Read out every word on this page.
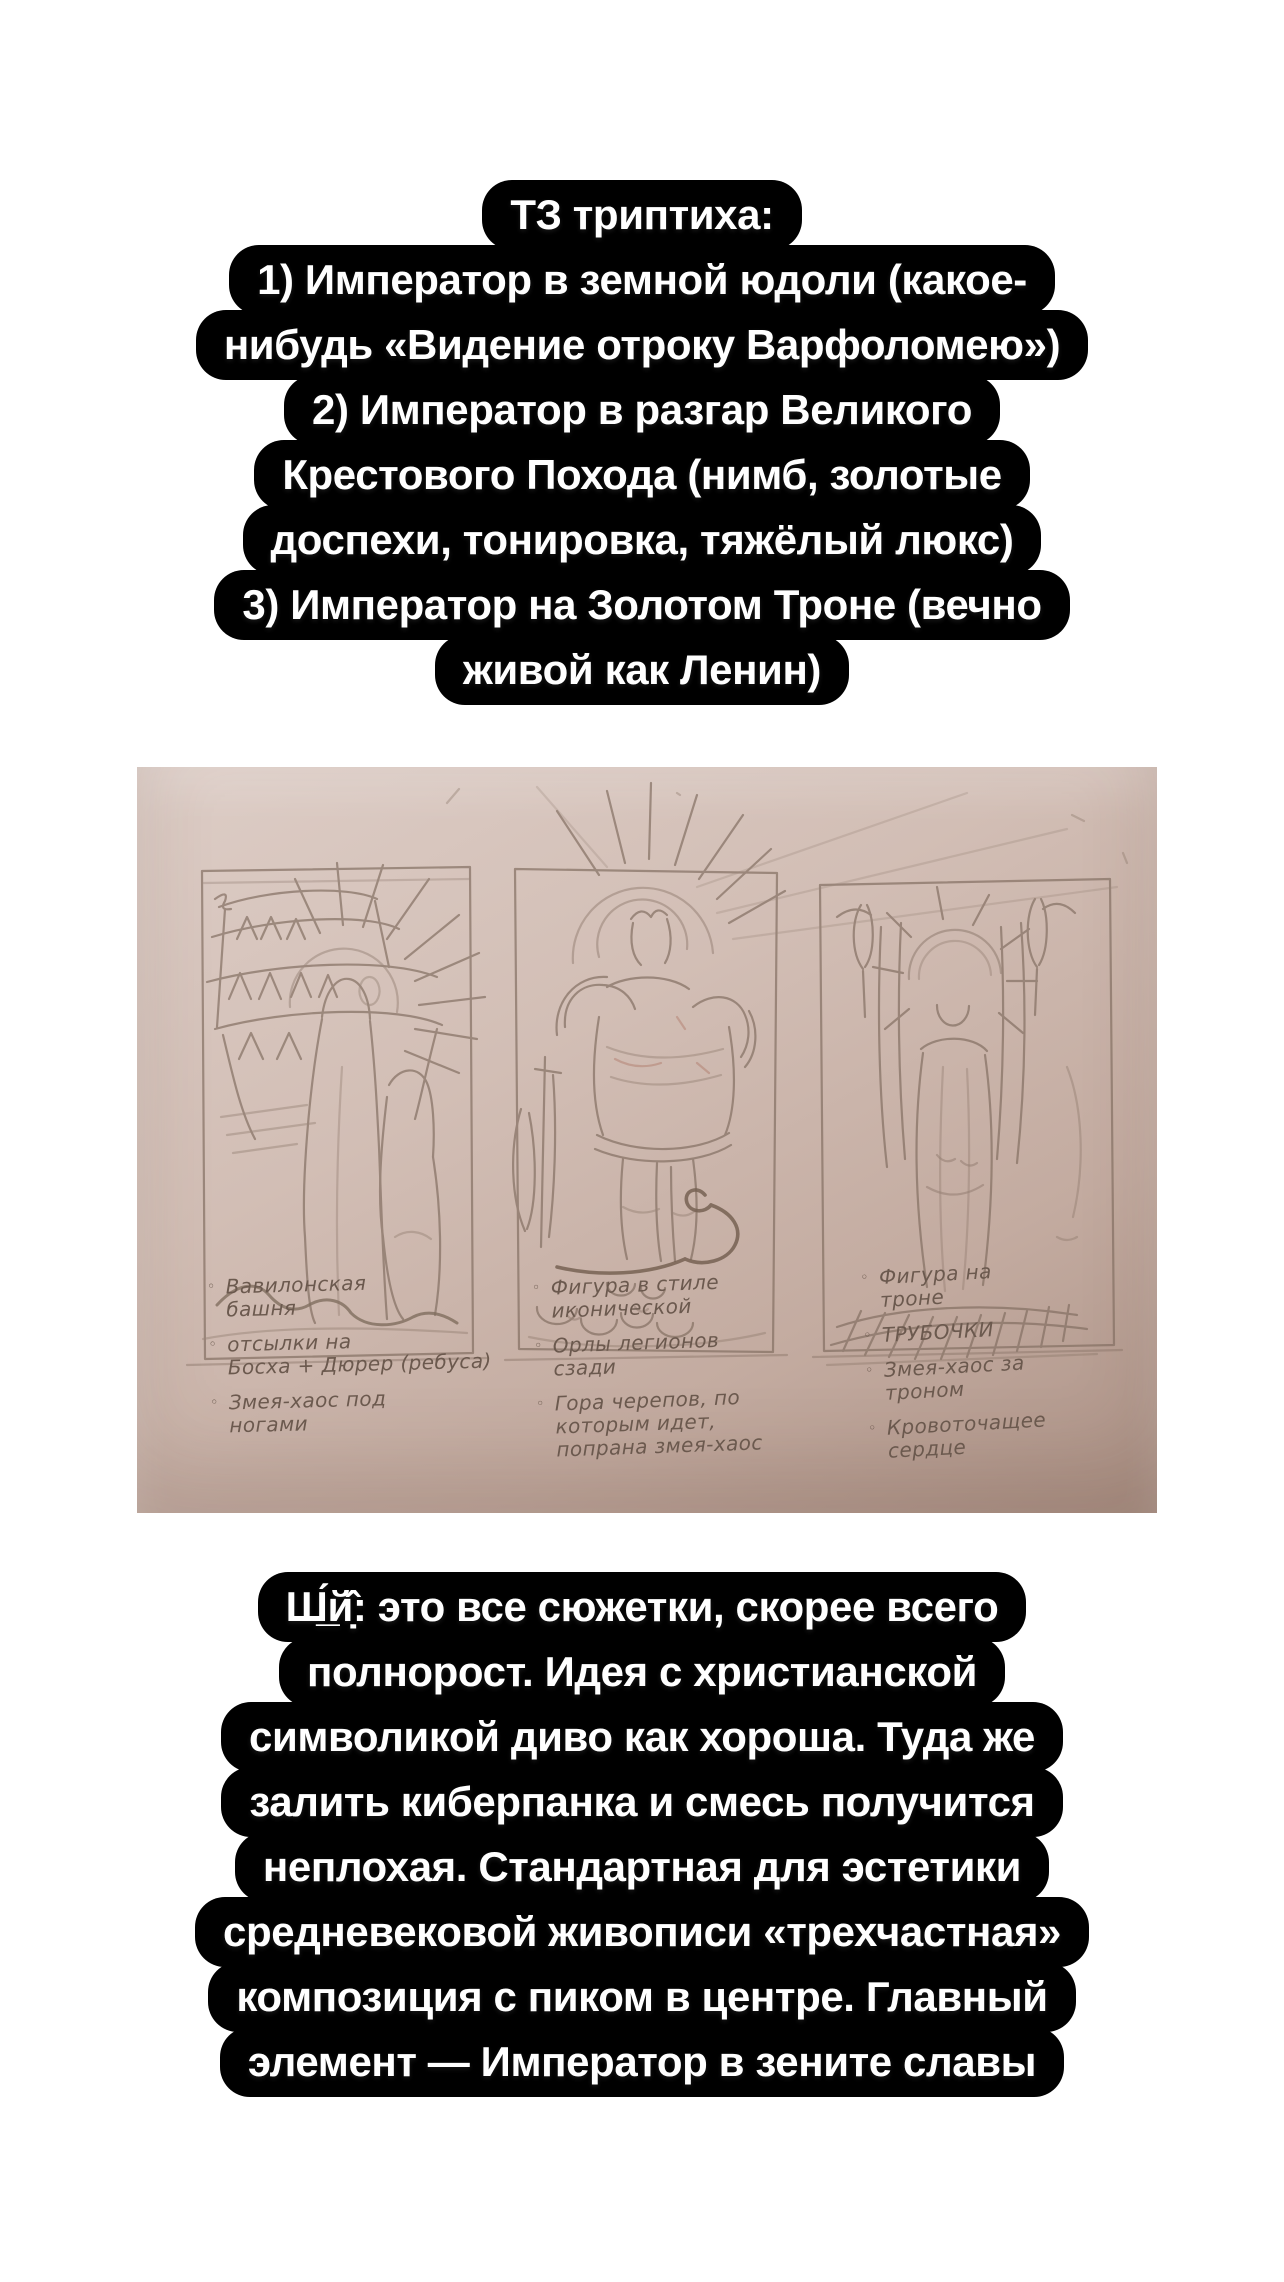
ТЗ триптиха:
1) Император в земной юдоли (какое-
нибудь «Видение отроку Варфоломею»)
2) Император в разгар Великого
Крестового Похода (нимб, золотые
доспехи, тонировка, тяжёлый люкс)
3) Император на Золотом Троне (вечно
живой как Ленин)
◦ Вавилонская
башня
◦ отсылки на
Босха + Дюрер (ребуса)
◦ Змея-хаос под
ногами
◦ Фигура в стиле
иконической
◦ Орлы легионов
сзади
◦ Гора черепов, по
которым идет,
попрана змея-хаос
◦ Фигура на
троне
◦ ТРУБОЧКИ
◦ Змея-хаос за
троном
◦ Кровоточащее
сердце
Ш̲́й̣̂: это все сюжетки, скорее всего
полнорост. Идея с христианской
символикой диво как хороша. Туда же
залить киберпанка и смесь получится
неплохая. Стандартная для эстетики
средневековой живописи «трехчастная»
композиция с пиком в центре. Главный
элемент — Император в зените славы
